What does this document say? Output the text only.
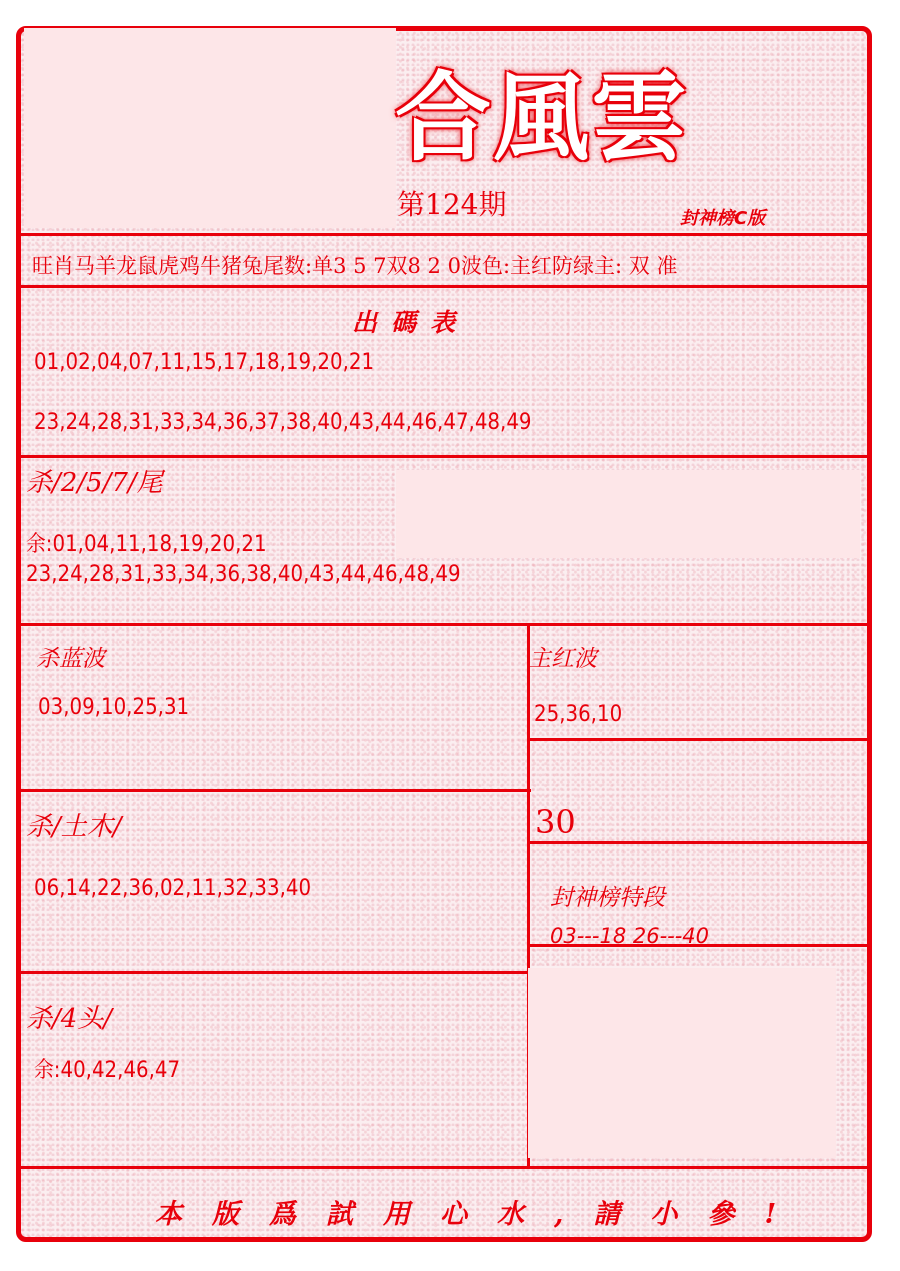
合風雲
第124期	封神榜C版
旺肖马羊龙鼠虎鸡牛猪兔尾数:单3 5 7双8 2 0波色:主红防绿主: 双 准
出碼表
01,02,04,07,11,15,17,18,19,20,21
23,24,28,31,33,34,36,37,38,40,43,44,46,47,48,49
杀/2/5/7/尾
余:01,04,11,18,19,20,21
23,24,28,31,33,34,36,38,40,43,44,46,48,49
杀蓝波
03,09,10,25,31
主红波
25,36,10
30
杀/土木/
06,14,22,36,02,11,32,33,40	封神榜特段
03---18 26---40
杀/4头/
余:40,42,46,47
本版爲試用心水,請小參!
